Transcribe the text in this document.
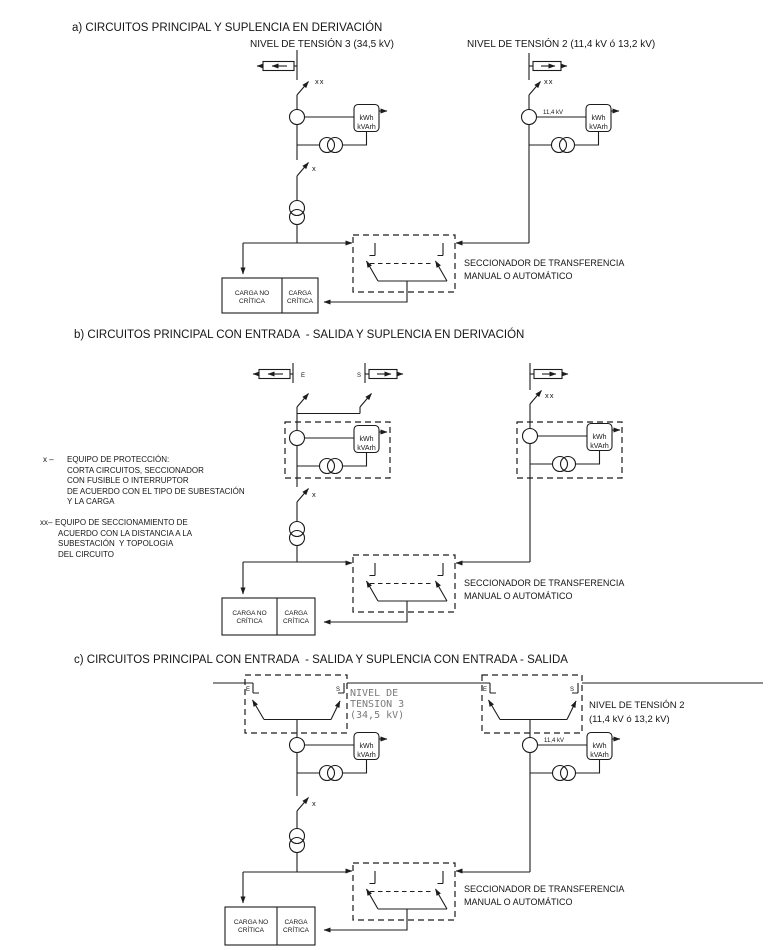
a) CIRCUITOS PRINCIPAL Y SUPLENCIA EN DERIVACIÓN
NIVEL DE TENSIÓN 3 (34,5 kV)	NIVEL DE TENSIÓN 2 (11,4 kV ó 13,2 kV)
xx
kWh
kVArh
x
xx
kWh
kVArh
11,4 kV
CARGA NO
CRÍTICA
CARGA
CRÍTICA
SECCIONADOR DE TRANSFERENCIA
MANUAL O AUTOMÁTICO
b) CIRCUITOS PRINCIPAL CON ENTRADA  - SALIDA Y SUPLENCIA EN DERIVACIÓN
x – EQUIPO DE PROTECCIÓN:
CORTA CIRCUITOS, SECCIONADOR
CON FUSIBLE O INTERRUPTOR
DE ACUERDO CON EL TIPO DE SUBESTACIÓN
Y LA CARGA
xx– EQUIPO DE SECCIONAMIENTO DE
ACUERDO CON LA DISTANCIA A LA
SUBESTACIÓN  Y TOPOLOGIA
DEL CIRCUITO
E	S
kWh
kVArh
x
xx
kWh
kVArh
CARGA NO
CRÍTICA
CARGA
CRÍTICA
SECCIONADOR DE TRANSFERENCIA
MANUAL O AUTOMÁTICO
c) CIRCUITOS PRINCIPAL CON ENTRADA  - SALIDA Y SUPLENCIA CON ENTRADA - SALIDA
E	S NIVEL DE
TENSION 3
(34,5 kV)
E	S
NIVEL DE TENSIÓN 2
(11,4 kV ó 13,2 kV)
kWh
kVArh
x
kWh
kVArh
11,4 kV
CARGA NO
CRÍTICA
CARGA
CRÍTICA
SECCIONADOR DE TRANSFERENCIA
MANUAL O AUTOMÁTICO
